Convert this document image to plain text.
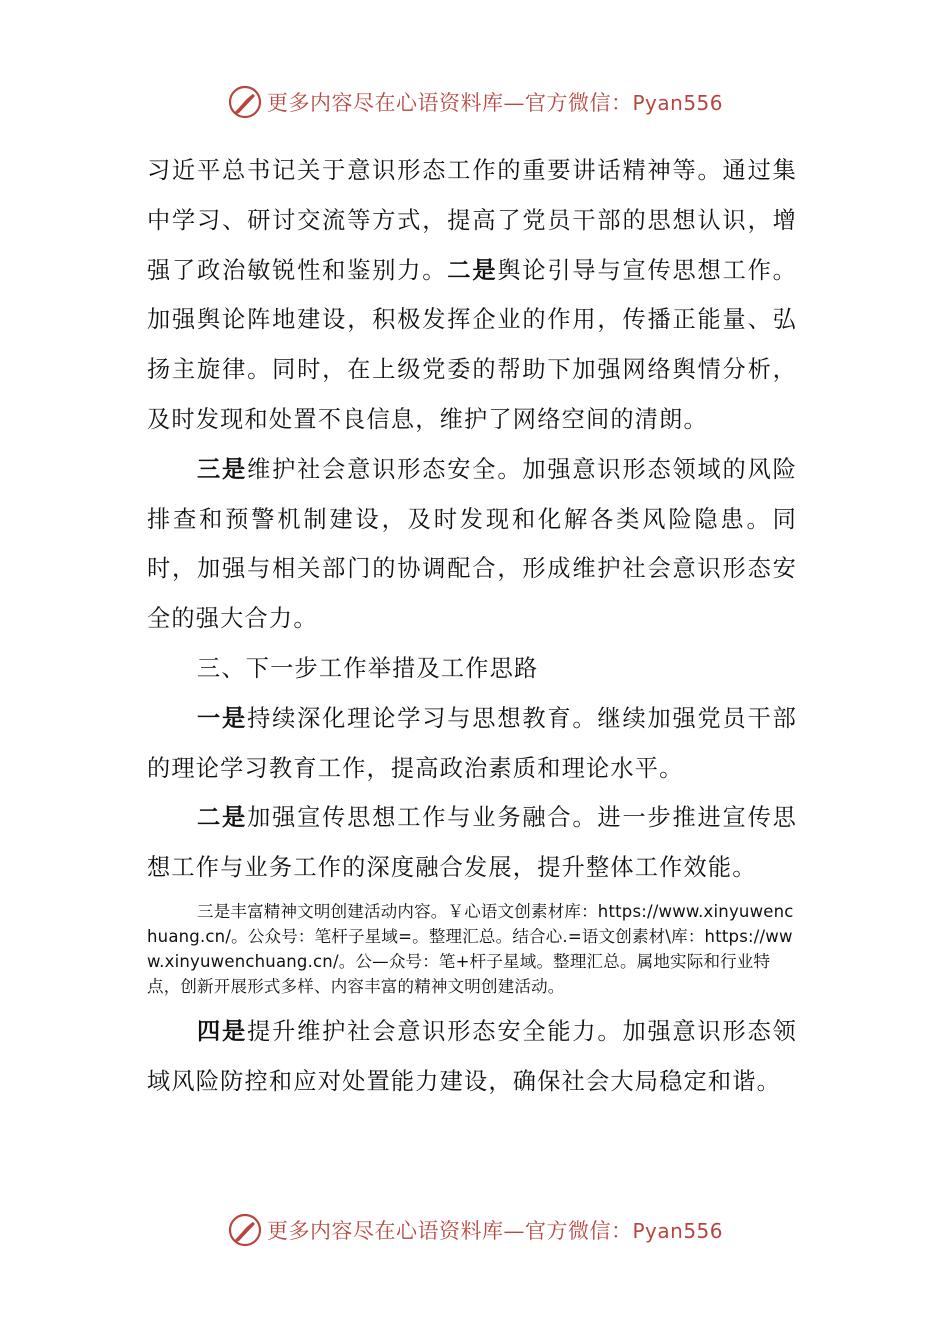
更多内容尽在心语资料库—官方微信：Pyan556

习近平总书记关于意识形态工作的重要讲话精神等。通过集中学习、研讨交流等方式，提高了党员干部的思想认识，增强了政治敏锐性和鉴别力。二是舆论引导与宣传思想工作。加强舆论阵地建设，积极发挥企业的作用，传播正能量、弘扬主旋律。同时，在上级党委的帮助下加强网络舆情分析，及时发现和处置不良信息，维护了网络空间的清朗。

三是维护社会意识形态安全。加强意识形态领域的风险排查和预警机制建设，及时发现和化解各类风险隐患。同时，加强与相关部门的协调配合，形成维护社会意识形态安全的强大合力。

三、下一步工作举措及工作思路

一是持续深化理论学习与思想教育。继续加强党员干部的理论学习教育工作，提高政治素质和理论水平。

二是加强宣传思想工作与业务融合。进一步推进宣传思想工作与业务工作的深度融合发展，提升整体工作效能。

三是丰富精神文明创建活动内容。￥心语文创素材库：https://www.xinyuwenchuang.cn/。公众号：笔杆子星域=。整理汇总。结合心.=语文创素材\库：https://www.xinyuwenchuang.cn/。公—众号：笔+杆子星域。整理汇总。属地实际和行业特点，创新开展形式多样、内容丰富的精神文明创建活动。

四是提升维护社会意识形态安全能力。加强意识形态领域风险防控和应对处置能力建设，确保社会大局稳定和谐。

更多内容尽在心语资料库—官方微信：Pyan556
